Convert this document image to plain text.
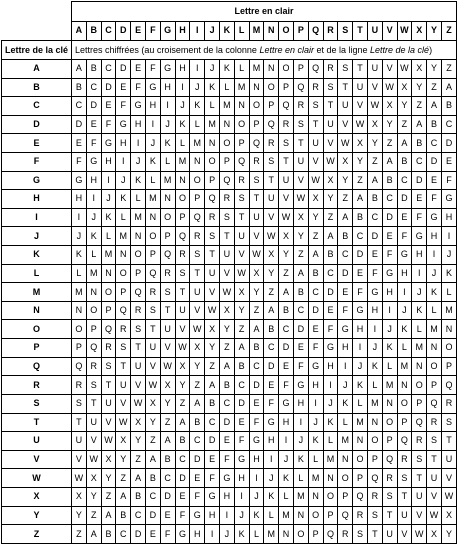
	Lettre en clair																									
	A	B	C	D	E	F	G	H	I	J	K	L	M	N	O	P	Q	R	S	T	U	V	W	X	Y	Z
Lettre de la clé	Lettres chiffrées (au croisement de la colonne Lettre en clair et de la ligne Lettre de la clé)																									
A	A	B	C	D	E	F	G	H	I	J	K	L	M	N	O	P	Q	R	S	T	U	V	W	X	Y	Z
B	B	C	D	E	F	G	H	I	J	K	L	M	N	O	P	Q	R	S	T	U	V	W	X	Y	Z	A
C	C	D	E	F	G	H	I	J	K	L	M	N	O	P	Q	R	S	T	U	V	W	X	Y	Z	A	B
D	D	E	F	G	H	I	J	K	L	M	N	O	P	Q	R	S	T	U	V	W	X	Y	Z	A	B	C
E	E	F	G	H	I	J	K	L	M	N	O	P	Q	R	S	T	U	V	W	X	Y	Z	A	B	C	D
F	F	G	H	I	J	K	L	M	N	O	P	Q	R	S	T	U	V	W	X	Y	Z	A	B	C	D	E
G	G	H	I	J	K	L	M	N	O	P	Q	R	S	T	U	V	W	X	Y	Z	A	B	C	D	E	F
H	H	I	J	K	L	M	N	O	P	Q	R	S	T	U	V	W	X	Y	Z	A	B	C	D	E	F	G
I	I	J	K	L	M	N	O	P	Q	R	S	T	U	V	W	X	Y	Z	A	B	C	D	E	F	G	H
J	J	K	L	M	N	O	P	Q	R	S	T	U	V	W	X	Y	Z	A	B	C	D	E	F	G	H	I
K	K	L	M	N	O	P	Q	R	S	T	U	V	W	X	Y	Z	A	B	C	D	E	F	G	H	I	J
L	L	M	N	O	P	Q	R	S	T	U	V	W	X	Y	Z	A	B	C	D	E	F	G	H	I	J	K
M	M	N	O	P	Q	R	S	T	U	V	W	X	Y	Z	A	B	C	D	E	F	G	H	I	J	K	L
N	N	O	P	Q	R	S	T	U	V	W	X	Y	Z	A	B	C	D	E	F	G	H	I	J	K	L	M
O	O	P	Q	R	S	T	U	V	W	X	Y	Z	A	B	C	D	E	F	G	H	I	J	K	L	M	N
P	P	Q	R	S	T	U	V	W	X	Y	Z	A	B	C	D	E	F	G	H	I	J	K	L	M	N	O
Q	Q	R	S	T	U	V	W	X	Y	Z	A	B	C	D	E	F	G	H	I	J	K	L	M	N	O	P
R	R	S	T	U	V	W	X	Y	Z	A	B	C	D	E	F	G	H	I	J	K	L	M	N	O	P	Q
S	S	T	U	V	W	X	Y	Z	A	B	C	D	E	F	G	H	I	J	K	L	M	N	O	P	Q	R
T	T	U	V	W	X	Y	Z	A	B	C	D	E	F	G	H	I	J	K	L	M	N	O	P	Q	R	S
U	U	V	W	X	Y	Z	A	B	C	D	E	F	G	H	I	J	K	L	M	N	O	P	Q	R	S	T
V	V	W	X	Y	Z	A	B	C	D	E	F	G	H	I	J	K	L	M	N	O	P	Q	R	S	T	U
W	W	X	Y	Z	A	B	C	D	E	F	G	H	I	J	K	L	M	N	O	P	Q	R	S	T	U	V
X	X	Y	Z	A	B	C	D	E	F	G	H	I	J	K	L	M	N	O	P	Q	R	S	T	U	V	W
Y	Y	Z	A	B	C	D	E	F	G	H	I	J	K	L	M	N	O	P	Q	R	S	T	U	V	W	X
Z	Z	A	B	C	D	E	F	G	H	I	J	K	L	M	N	O	P	Q	R	S	T	U	V	W	X	Y
